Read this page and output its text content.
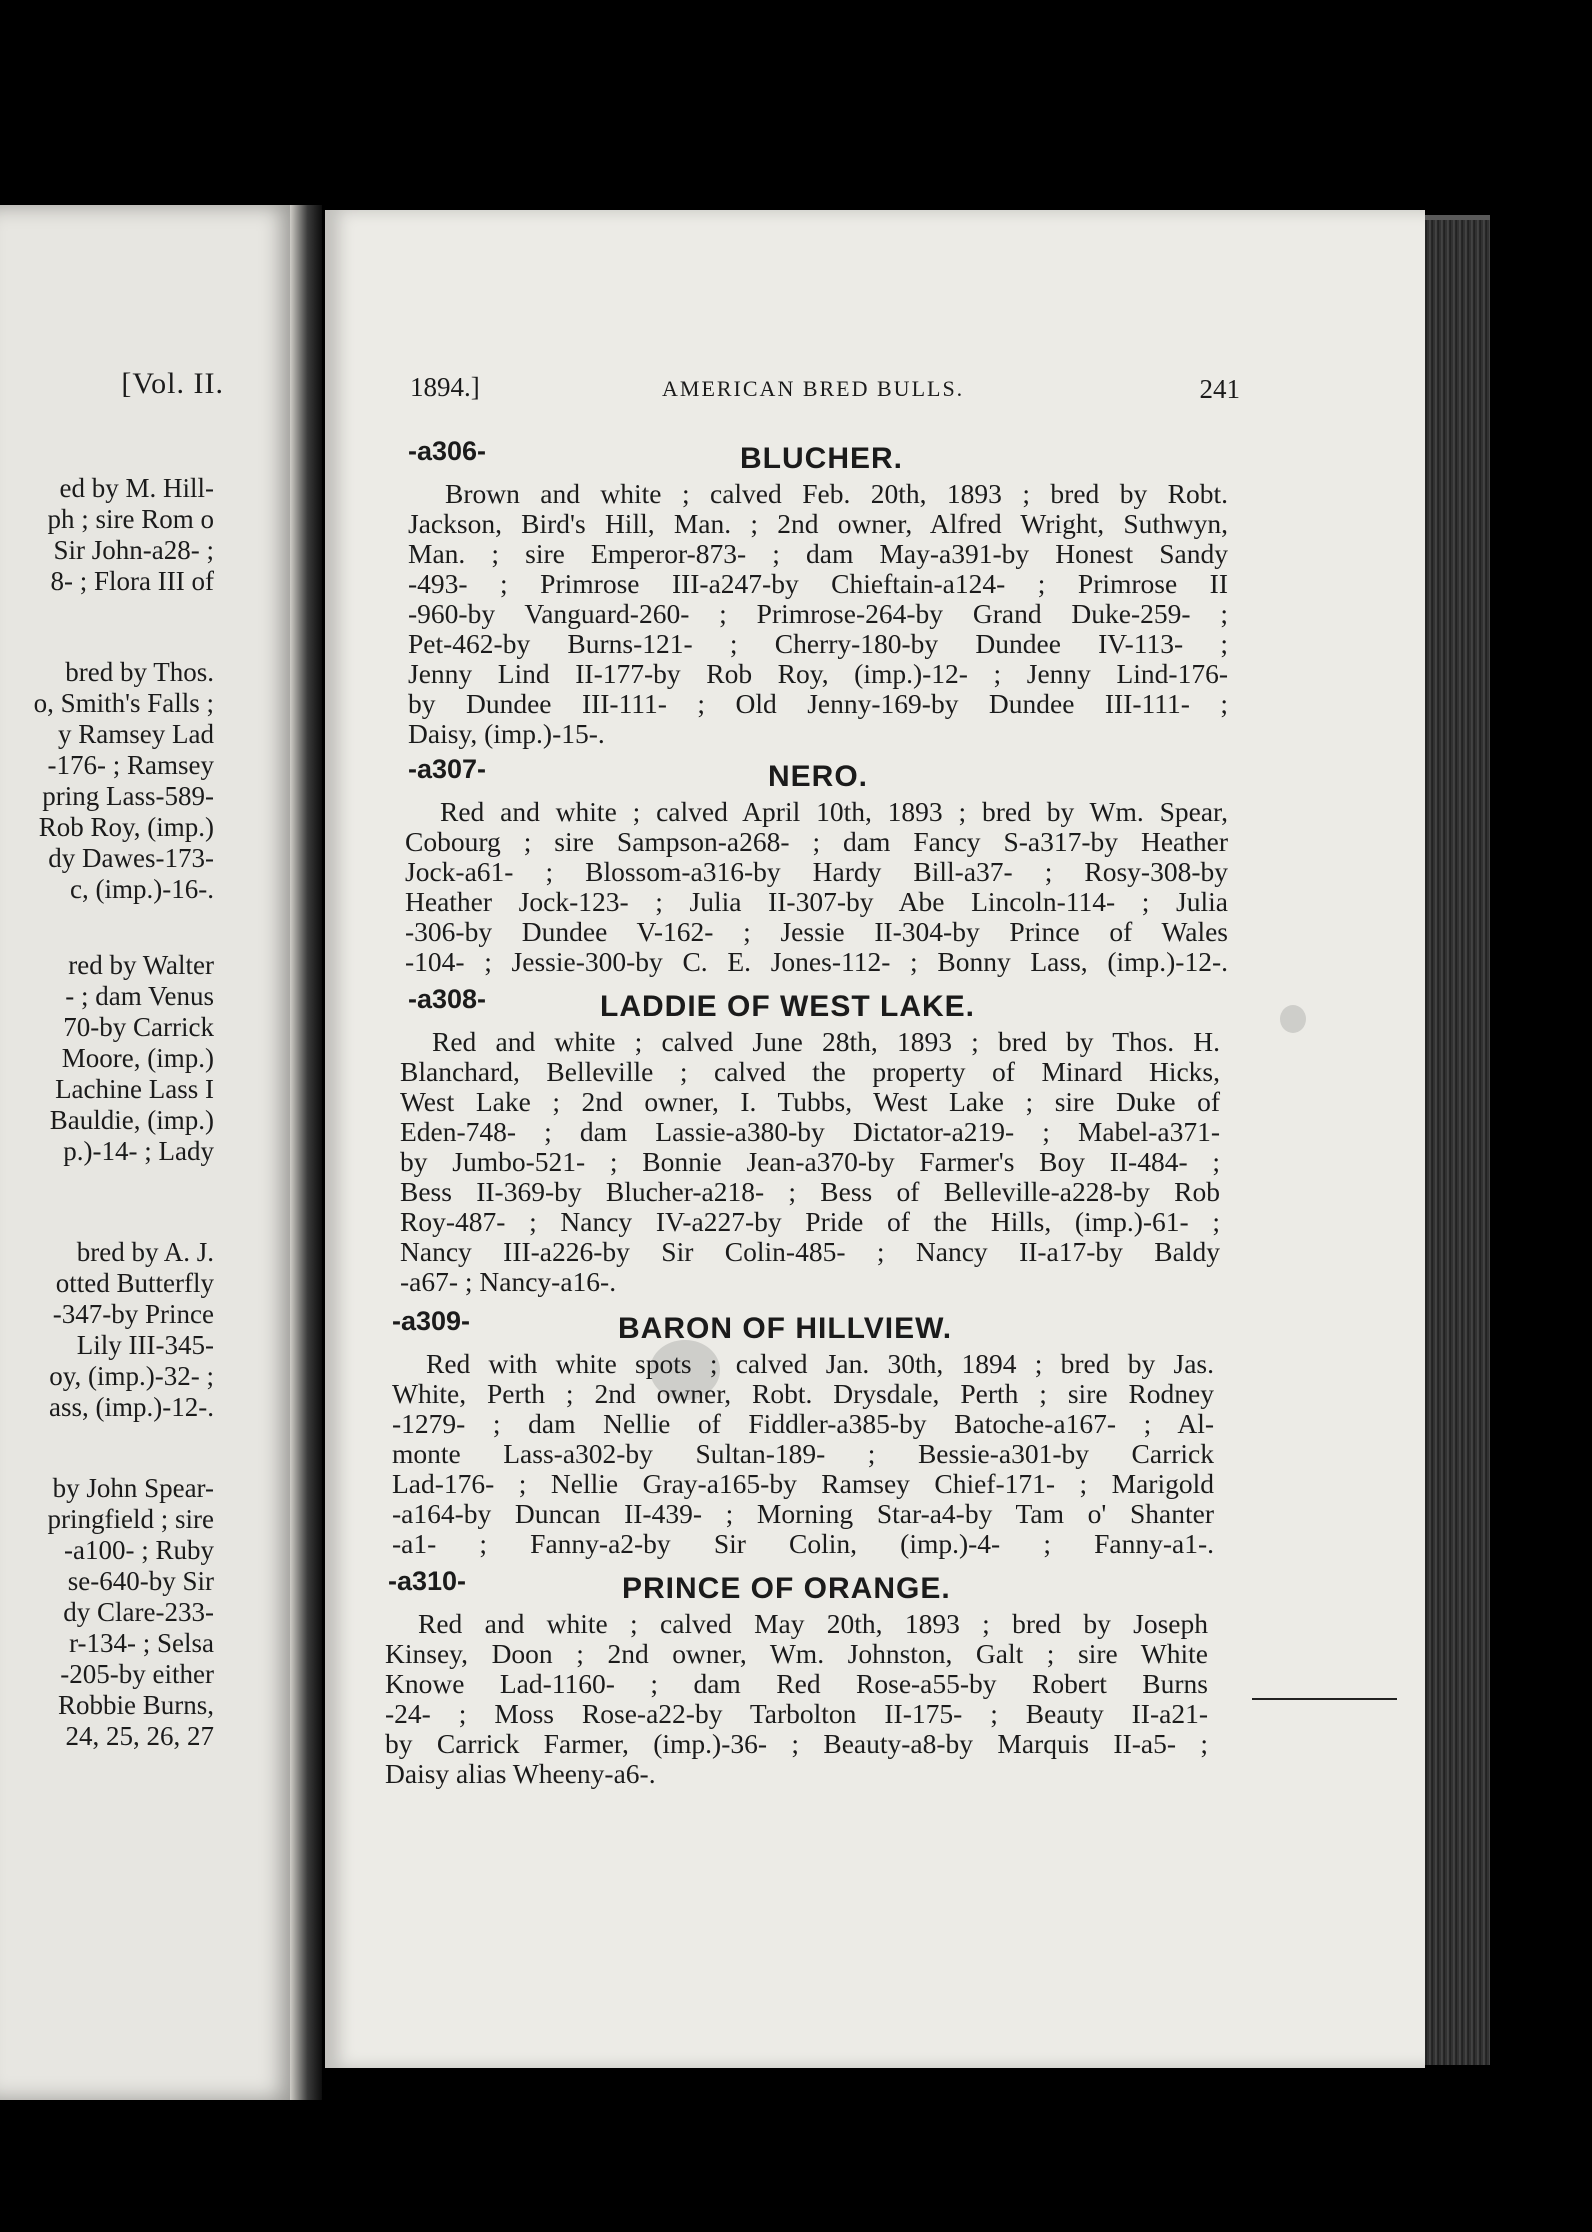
[Vol. II.
ed by M. Hill-
ph ; sire Rom o
Sir John-a28- ;
8- ; Flora III of
bred by Thos.
o, Smith's Falls ;
y Ramsey Lad
-176- ; Ramsey
pring Lass-589-
Rob Roy, (imp.)
dy Dawes-173-
c, (imp.)-16-.
red by Walter
- ; dam Venus
70-by Carrick
Moore, (imp.)
Lachine Lass I
Bauldie, (imp.)
p.)-14- ; Lady
bred by A. J.
otted Butterfly
-347-by Prince
Lily III-345-
oy, (imp.)-32- ;
ass, (imp.)-12-.
by John Spear-
pringfield ; sire
-a100- ; Ruby
se-640-by Sir
dy Clare-233-
r-134- ; Selsa
-205-by either
Robbie Burns,
24, 25, 26, 27
1894.]	AMERICAN BRED BULLS.	241
-a306-	BLUCHER.
Brown and white ; calved Feb. 20th, 1893 ; bred by Robt.
Jackson, Bird's Hill, Man. ; 2nd owner, Alfred Wright, Suthwyn,
Man. ; sire Emperor-873- ; dam May-a391-by Honest Sandy
-493- ; Primrose III-a247-by Chieftain-a124- ; Primrose II
-960-by Vanguard-260- ; Primrose-264-by Grand Duke-259- ;
Pet-462-by Burns-121- ; Cherry-180-by Dundee IV-113- ;
Jenny Lind II-177-by Rob Roy, (imp.)-12- ; Jenny Lind-176-
by Dundee III-111- ; Old Jenny-169-by Dundee III-111- ;
Daisy, (imp.)-15-.
-a307-	NERO.
Red and white ; calved April 10th, 1893 ; bred by Wm. Spear,
Cobourg ; sire Sampson-a268- ; dam Fancy S-a317-by Heather
Jock-a61- ; Blossom-a316-by Hardy Bill-a37- ; Rosy-308-by
Heather Jock-123- ; Julia II-307-by Abe Lincoln-114- ; Julia
-306-by Dundee V-162- ; Jessie II-304-by Prince of Wales
-104- ; Jessie-300-by C. E. Jones-112- ; Bonny Lass, (imp.)-12-.
-a308-	LADDIE OF WEST LAKE.
Red and white ; calved June 28th, 1893 ; bred by Thos. H.
Blanchard, Belleville ; calved the property of Minard Hicks,
West Lake ; 2nd owner, I. Tubbs, West Lake ; sire Duke of
Eden-748- ; dam Lassie-a380-by Dictator-a219- ; Mabel-a371-
by Jumbo-521- ; Bonnie Jean-a370-by Farmer's Boy II-484- ;
Bess II-369-by Blucher-a218- ; Bess of Belleville-a228-by Rob
Roy-487- ; Nancy IV-a227-by Pride of the Hills, (imp.)-61- ;
Nancy III-a226-by Sir Colin-485- ; Nancy II-a17-by Baldy
-a67- ; Nancy-a16-.
-a309-	BARON OF HILLVIEW.
Red with white spots ; calved Jan. 30th, 1894 ; bred by Jas.
White, Perth ; 2nd owner, Robt. Drysdale, Perth ; sire Rodney
-1279- ; dam Nellie of Fiddler-a385-by Batoche-a167- ; Al-
monte Lass-a302-by Sultan-189- ; Bessie-a301-by Carrick
Lad-176- ; Nellie Gray-a165-by Ramsey Chief-171- ; Marigold
-a164-by Duncan II-439- ; Morning Star-a4-by Tam o' Shanter
-a1- ; Fanny-a2-by Sir Colin, (imp.)-4- ; Fanny-a1-.
-a310-	PRINCE OF ORANGE.
Red and white ; calved May 20th, 1893 ; bred by Joseph
Kinsey, Doon ; 2nd owner, Wm. Johnston, Galt ; sire White
Knowe Lad-1160- ; dam Red Rose-a55-by Robert Burns
-24- ; Moss Rose-a22-by Tarbolton II-175- ; Beauty II-a21-
by Carrick Farmer, (imp.)-36- ; Beauty-a8-by Marquis II-a5- ;
Daisy alias Wheeny-a6-.
